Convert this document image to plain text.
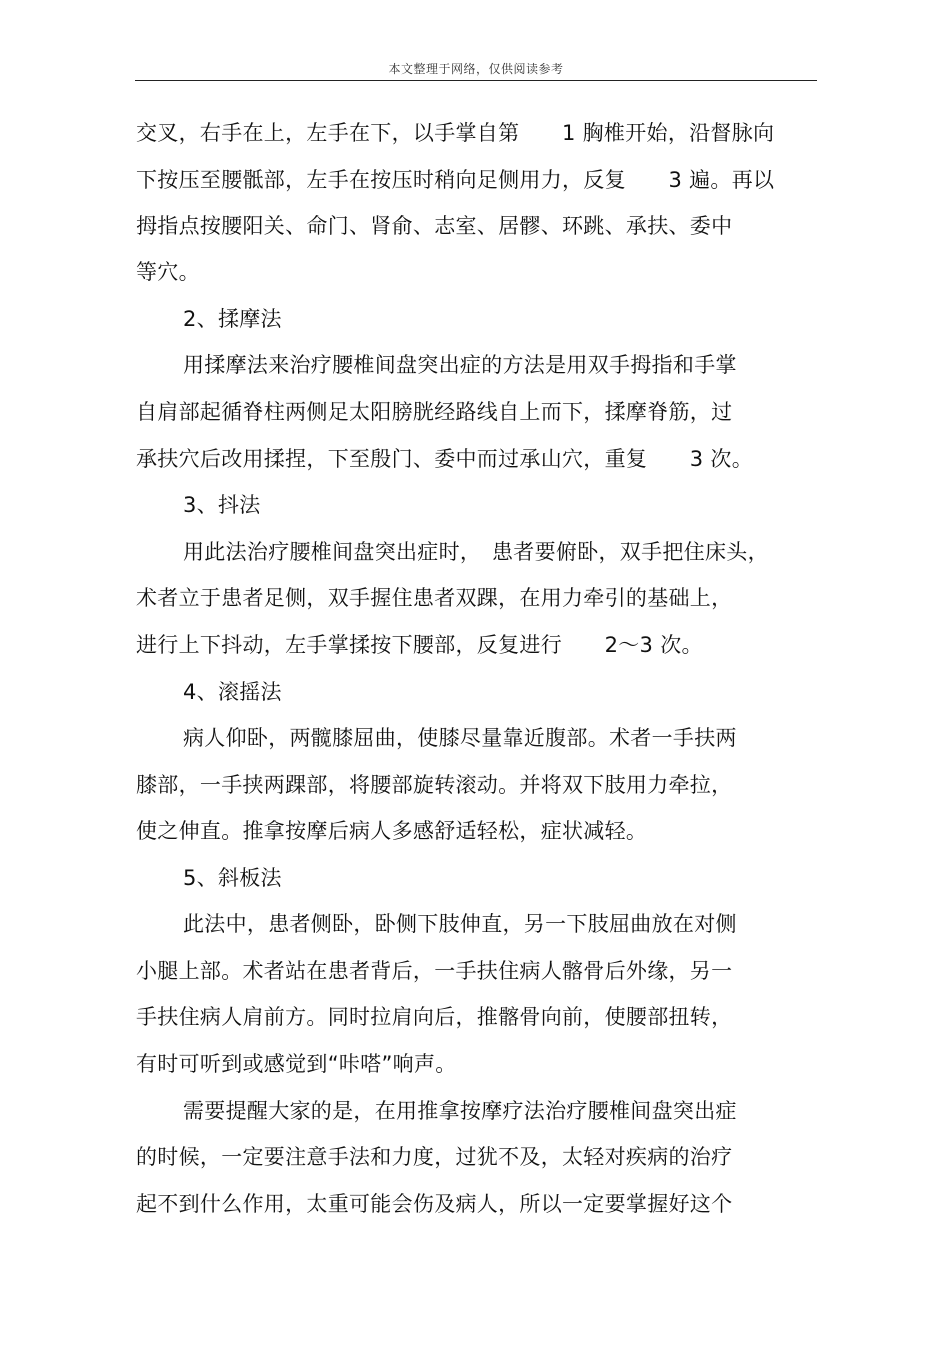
本文整理于网络，仅供阅读参考
交叉，右手在上，左手在下，以手掌自第　　1 胸椎开始，沿督脉向
下按压至腰骶部，左手在按压时稍向足侧用力，反复　　3 遍。再以
拇指点按腰阳关、命门、肾俞、志室、居髎、环跳、承扶、委中
等穴。
2、揉摩法
用揉摩法来治疗腰椎间盘突出症的方法是用双手拇指和手掌
自肩部起循脊柱两侧足太阳膀胱经路线自上而下，揉摩脊筋，过
承扶穴后改用揉捏，下至殷门、委中而过承山穴，重复　　3 次。
3、抖法
用此法治疗腰椎间盘突出症时，　患者要俯卧，双手把住床头，
术者立于患者足侧，双手握住患者双踝，在用力牵引的基础上，
进行上下抖动，左手掌揉按下腰部，反复进行　　2～3 次。
4、滚摇法
病人仰卧，两髋膝屈曲，使膝尽量靠近腹部。术者一手扶两
膝部，一手挟两踝部，将腰部旋转滚动。并将双下肢用力牵拉，
使之伸直。推拿按摩后病人多感舒适轻松，症状减轻。
5、斜板法
此法中，患者侧卧，卧侧下肢伸直，另一下肢屈曲放在对侧
小腿上部。术者站在患者背后，一手扶住病人髂骨后外缘，另一
手扶住病人肩前方。同时拉肩向后，推髂骨向前，使腰部扭转，
有时可听到或感觉到“咔嗒”响声。
需要提醒大家的是，在用推拿按摩疗法治疗腰椎间盘突出症
的时候，一定要注意手法和力度，过犹不及，太轻对疾病的治疗
起不到什么作用，太重可能会伤及病人，所以一定要掌握好这个
